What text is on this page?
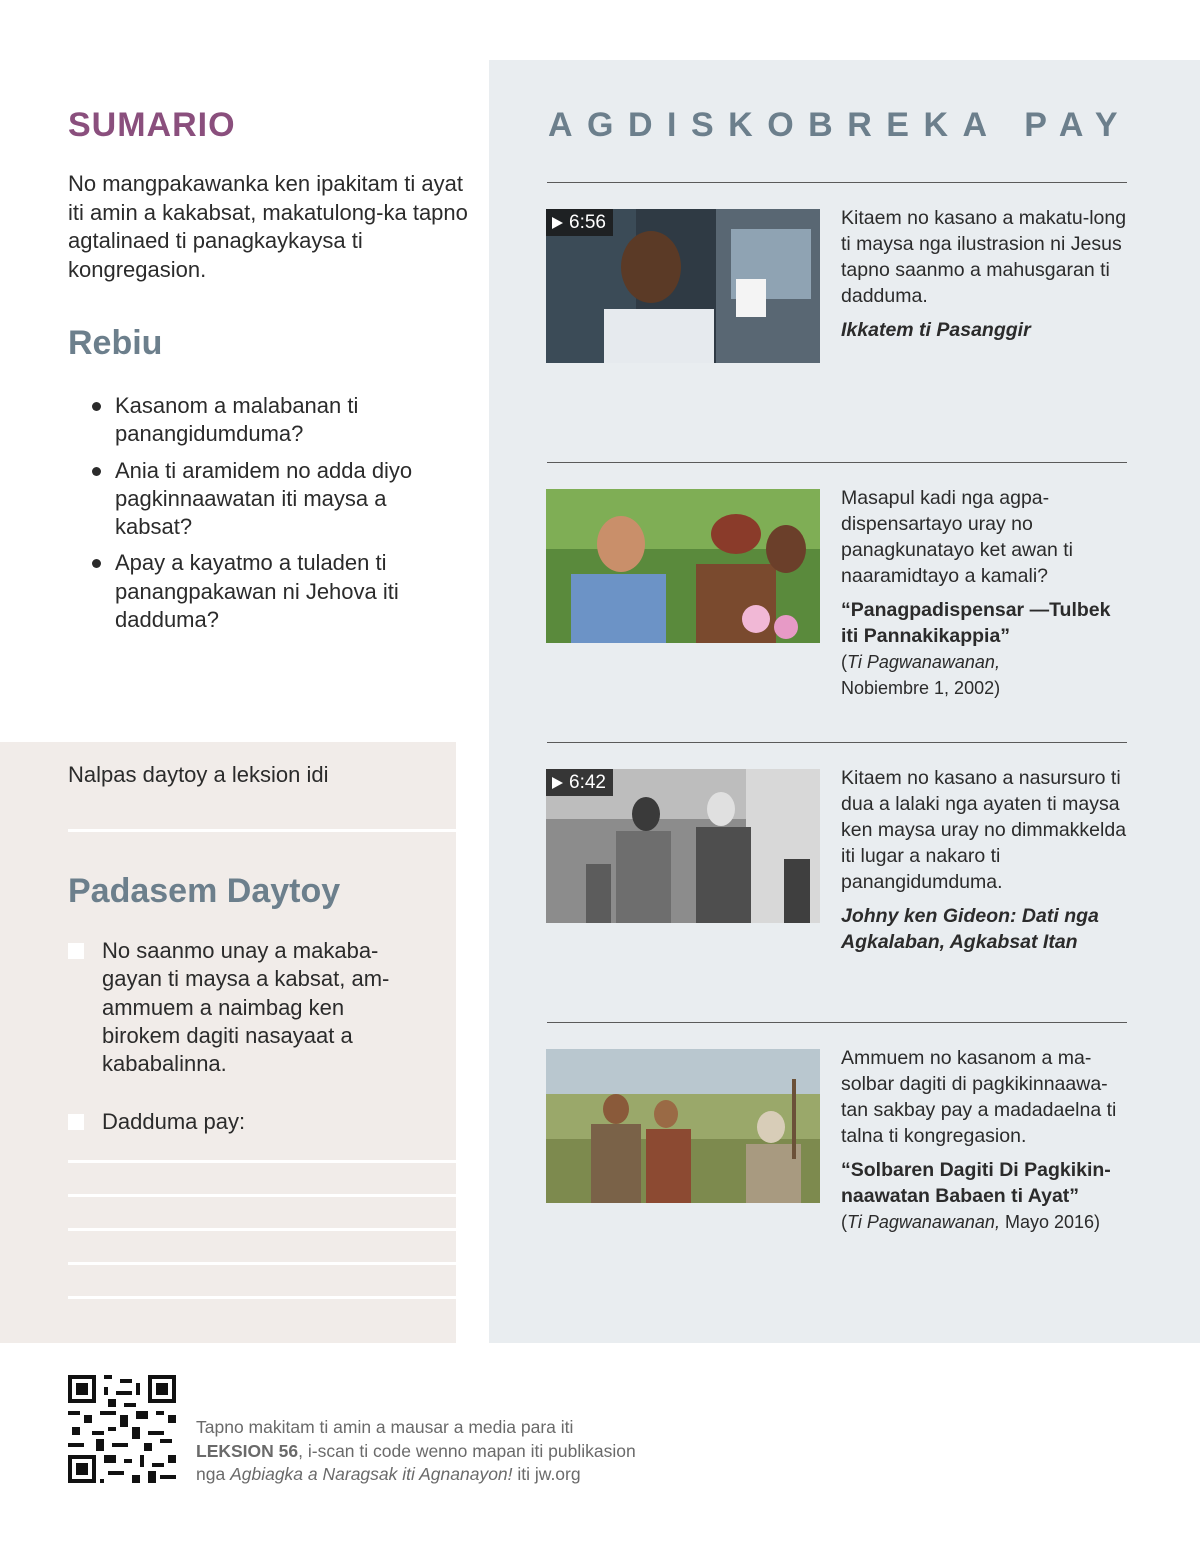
SUMARIO
No mangpakawanka ken ipakitam ti ayat iti amin a kakabsat, makatulong-ka tapno agtalinaed ti panagkaykaysa ti kongregasion.
Rebiu
Kasanom a malabanan ti panangidumduma?
Ania ti aramidem no adda diyo pagkinnaawatan iti maysa a kabsat?
Apay a kayatmo a tuladen ti panangpakawan ni Jehova iti dadduma?
Nalpas daytoy a leksion idi
Padasem Daytoy
No saanmo unay a makaba-gayan ti maysa a kabsat, am-ammuem a naimbag ken birokem dagiti nasayaat a kababalinna.
Dadduma pay:
AGDISKOBREKA PAY
6:56	Kitaem no kasano a makatu-long ti maysa nga ilustrasion ni Jesus tapno saanmo a mahusgaran ti dadduma.
Ikkatem ti Pasanggir
Masapul kadi nga agpa-dispensartayo uray no panagkunatayo ket awan ti naaramidtayo a kamali?
“Panagpadispensar —Tulbek iti Pannakikappia”
(Ti Pagwanawanan,
Nobiembre 1, 2002)
6:42	Kitaem no kasano a nasursuro ti dua a lalaki nga ayaten ti maysa ken maysa uray no dimmakkelda iti lugar a nakaro ti panangidumduma.
Johny ken Gideon: Dati nga Agkalaban, Agkabsat Itan
Ammuem no kasanom a ma-solbar dagiti di pagkikinnaawa-tan sakbay pay a madadaelna ti talna ti kongregasion.
“Solbaren Dagiti Di Pagkikin-naawatan Babaen ti Ayat”
(Ti Pagwanawanan, Mayo 2016)
Tapno makitam ti amin a mausar a media para iti
LEKSION 56, i-scan ti code wenno mapan iti publikasion
nga Agbiagka a Naragsak iti Agnanayon! iti jw.org
